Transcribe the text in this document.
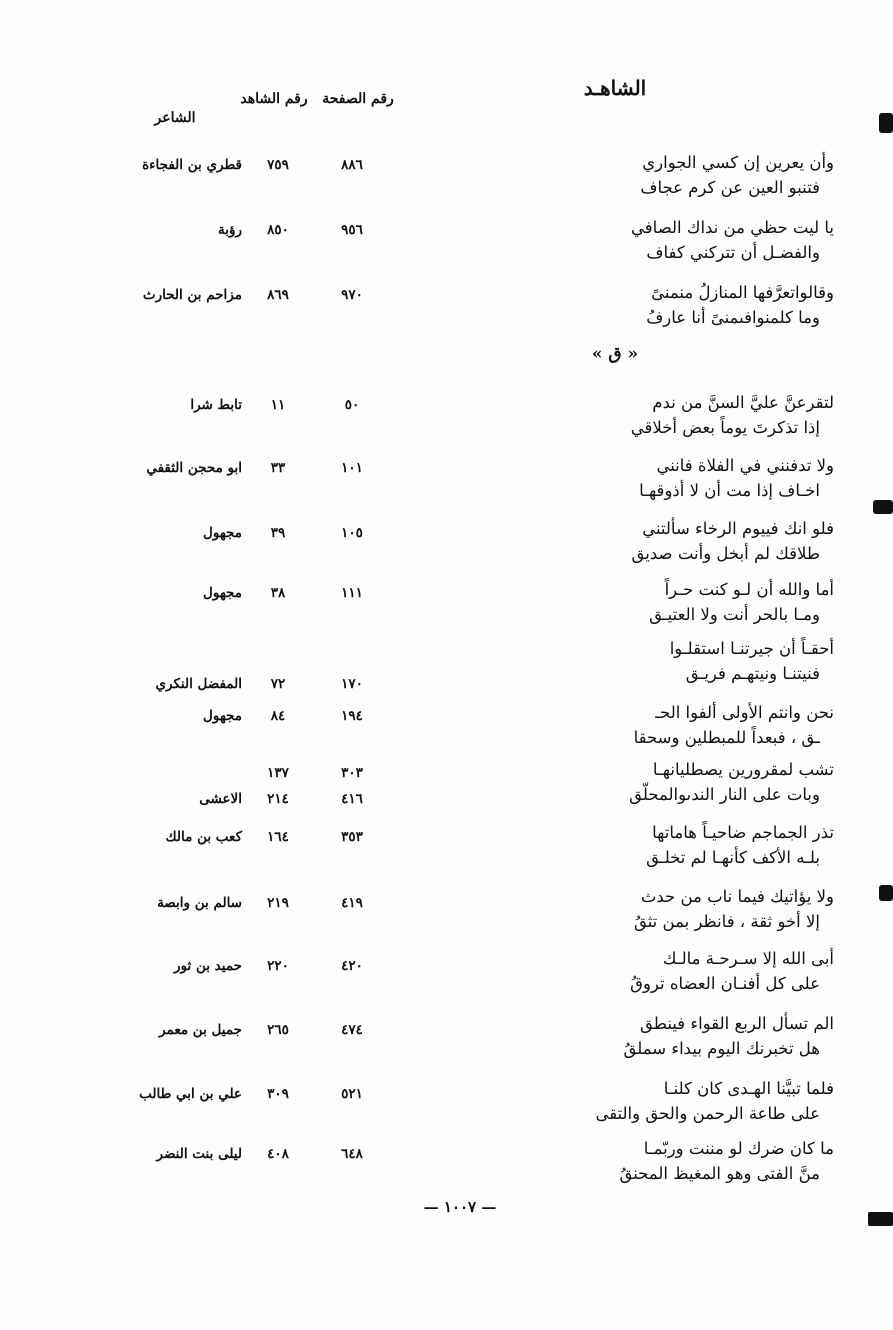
الشاهـد
رقم الصفحة
رقم الشاهد
الشاعر
وأن يعرين إن كسي الجواري
فتنبو العين عن كرم عجاف
٨٨٦
٧٥٩
قطري بن الفجاءة
يا ليت حظي من نداك الصافي
والفضـل أن تتركني كفاف
٩٥٦
٨٥٠
رؤبة
وقالواتعرَّفها المنازلُ منمنىً
وما كلمنوافىمنىً أنا عارفُ
٩٧٠
٨٦٩
مزاحم بن الحارث
« ق »
لتقرعنَّ عليَّ السنَّ من ندم
إذا تذكرتَ يوماً بعض أخلاقي
٥٠
١١
تابط شرا
ولا تدفنني في الفلاة فانني
اخـاف إذا مت أن لا أذوقهـا
١٠١
٣٣
ابو محجن الثقفي
فلو انك فييوم الرخاء سألتني
طلاقك لم أبخل وأنت صديق
١٠٥
٣٩
مجهول
أما والله أن لـو كنت حـراً
ومـا بالحر أنت ولا العتيـق
١١١
٣٨
مجهول
أحقـاً أن جيرتنـا استقلـوا
فنيتنـا ونيتهـم فريـق
١٧٠
٧٢
المفضل النكري
نحن وانتم الأولى ألفوا الحـ
ـق ، فبعداً للمبطلين وسحقا
١٩٤
٨٤
مجهول
تشب لمقرورين يصطليانهـا
وبات على النار الندىوالمحلّق
٣٠٣
١٣٧
٤١٦
٢١٤
الاعشى
تذر الجماجم ضاحيـاً هاماتها
بلـه الأكف كأنهـا لم تخلـق
٣٥٣
١٦٤
كعب بن مالك
ولا يؤاتيك فيما ناب من حدث
إلا أخو ثقة ، فانظر بمن تثقُ
٤١٩
٢١٩
سالم بن وابصة
أبى الله إلا سـرحـة مالـك
على كل أفنـان العضاه تروقُ
٤٢٠
٢٢٠
حميد بن ثور
الم تسأل الربع القواء فينطق
هل تخبرنك اليوم بيداء سملقُ
٤٧٤
٢٦٥
جميل بن معمر
فلما تبيَّنا الهـدى كان كلنـا
على طاعة الرحمن والحق والتقى
٥٢١
٣٠٩
علي بن ابي طالب
ما كان ضرك لو مننت وربّمـا
منَّ الفتى وهو المغيظ المحنقُ
٦٤٨
٤٠٨
ليلى بنت النضر
— ١٠٠٧ —
